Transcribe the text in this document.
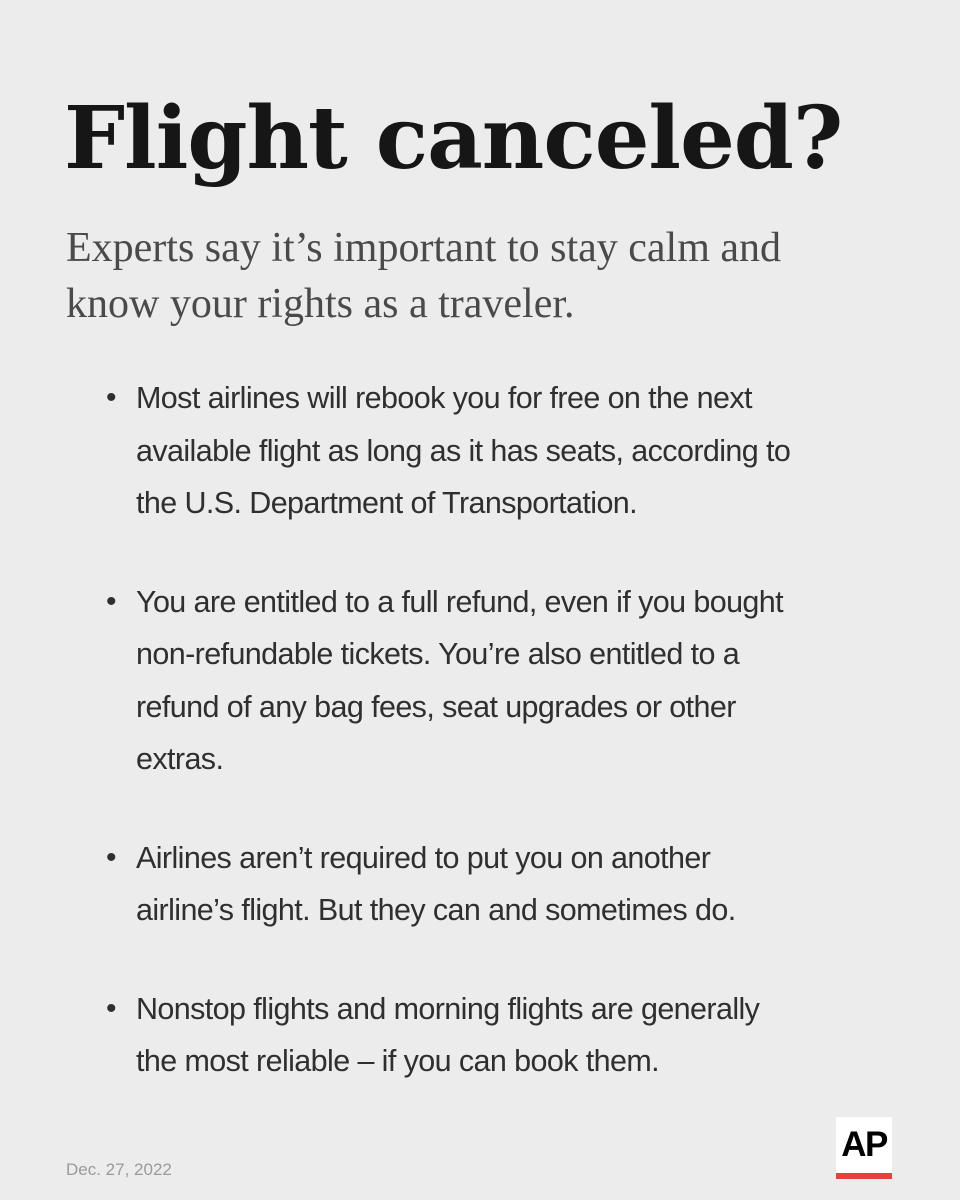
Flight canceled?

Experts say it’s important to stay calm and know your rights as a traveler.

• Most airlines will rebook you for free on the next available flight as long as it has seats, according to the U.S. Department of Transportation.
• You are entitled to a full refund, even if you bought non-refundable tickets. You’re also entitled to a refund of any bag fees, seat upgrades or other extras.
• Airlines aren’t required to put you on another airline’s flight. But they can and sometimes do.
• Nonstop flights and morning flights are generally the most reliable – if you can book them.

Dec. 27, 2022

AP
